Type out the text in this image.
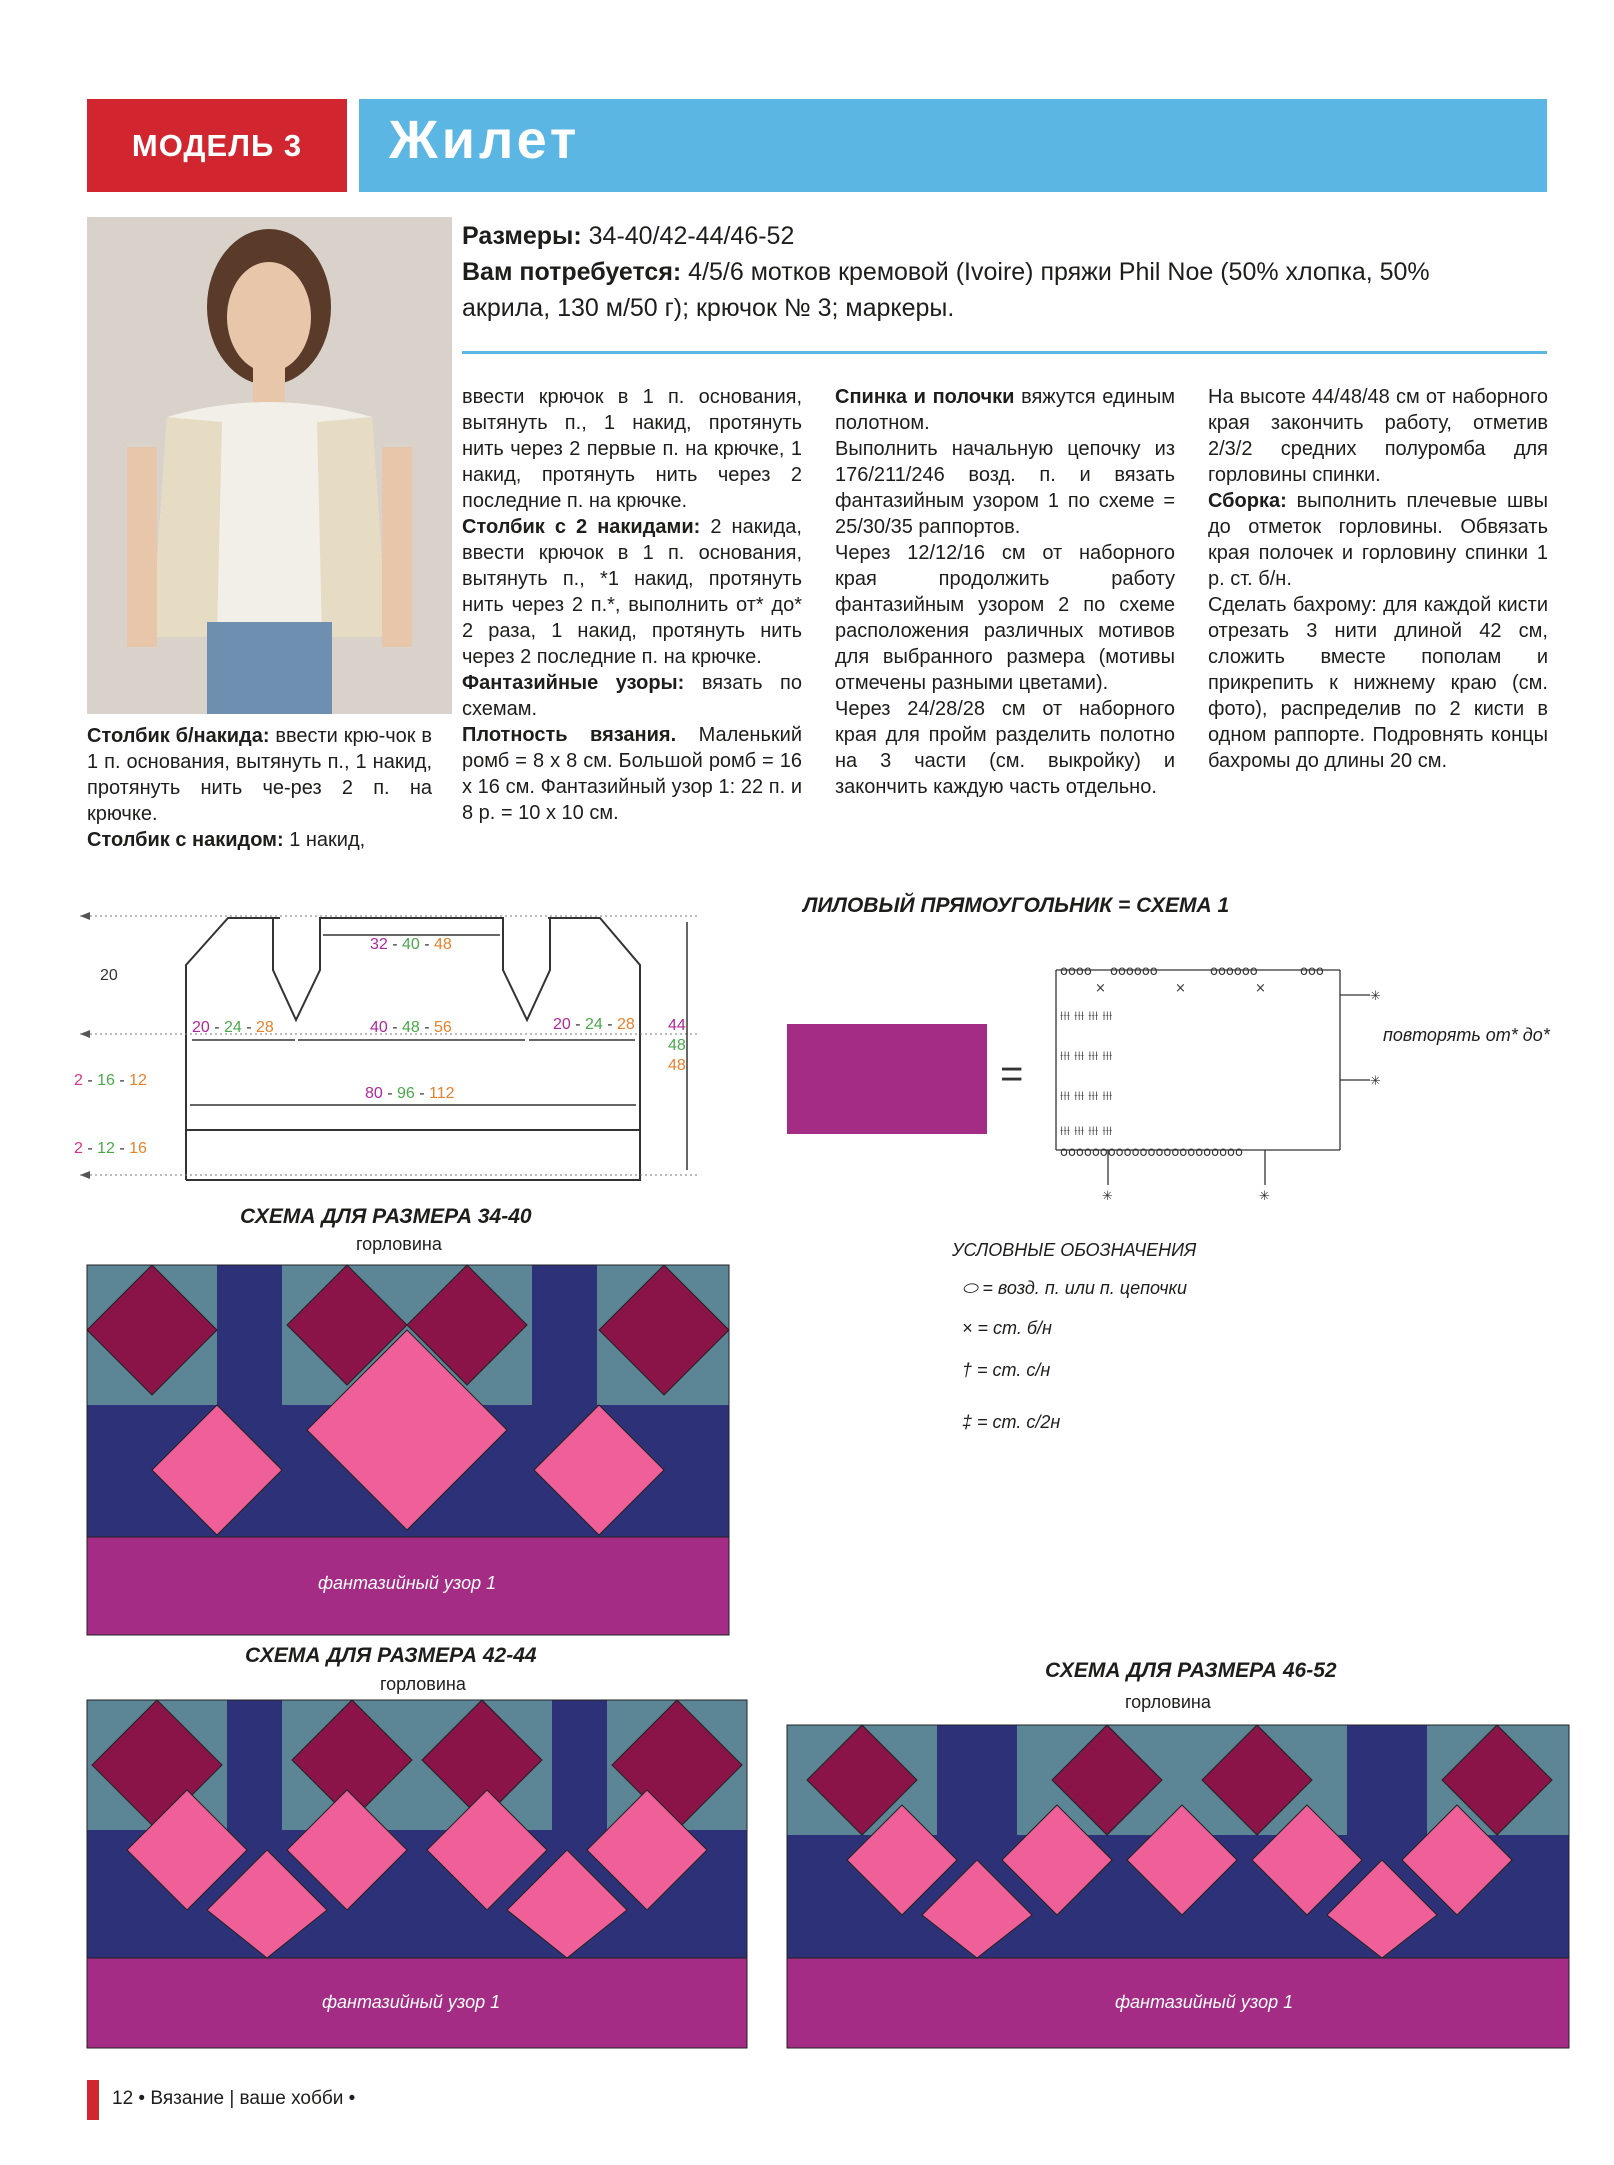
МОДЕЛЬ 3 Жилет
Размеры: 34-40/42-44/46-52
Вам потребуется: 4/5/6 мотков кремовой (Ivoire) пряжи Phil Noe (50% хлопка, 50%
акрила, 130 м/50 г); крючок № 3; маркеры.

Столбик б/накида: ввести крю-чок в 1 п. основания, вытянуть п., 1 накид, протянуть нить че-рез 2 п. на крючке.

Столбик с накидом: 1 накид,

ввести крючок в 1 п. основания, вытянуть п., 1 накид, протянуть нить через 2 первые п. на крючке, 1 накид, протянуть нить через 2 последние п. на крючке.

Столбик с 2 накидами: 2 накида, ввести крючок в 1 п. основания, вытянуть п., *1 накид, протянуть нить через 2 п.*, выполнить от* до* 2 раза, 1 накид, протянуть нить через 2 последние п. на крючке.

Фантазийные узоры: вязать по схемам.

Плотность вязания. Маленький ромб = 8 х 8 см. Большой ромб = 16 х 16 см. Фантазийный узор 1: 22 п. и 8 р. = 10 х 10 см.

Спинка и полочки вяжутся единым полотном.

Выполнить начальную цепочку из 176/211/246 возд. п. и вязать фантазийным узором 1 по схеме = 25/30/35 раппортов.

Через 12/12/16 см от наборного края продолжить работу фантазийным узором 2 по схеме расположения различных мотивов для выбранного размера (мотивы отмечены разными цветами).

Через 24/28/28 см от наборного края для пройм разделить полотно на 3 части (см. выкройку) и закончить каждую часть отдельно.

На высоте 44/48/48 см от наборного края закончить работу, отметив 2/3/2 средних полуромба для горловины спинки.

Сборка: выполнить плечевые швы до отметок горловины. Обвязать края полочек и горловину спинки 1 р. ст. б/н.

Сделать бахрому: для каждой кисти отрезать 3 нити длиной 42 см, сложить вместе пополам и прикрепить к нижнему краю (см. фото), распределив по 2 кисти в одном раппорте. Подровнять концы бахромы до длины 20 см.

20
2 - 16 - 12
2 - 12 - 16
32 - 40 - 48
20 - 24 - 28	40 - 48 - 56	20 - 24 - 28
80 - 96 - 112
44
48
48
ЛИЛОВЫЙ ПРЯМОУГОЛЬНИК = СХЕМА 1
=
oooo oooooo	oooooo	ooo
×	×	×
⟊⟊⟊ ⟊⟊⟊ ⟊⟊⟊ ⟊⟊⟊
⟊⟊⟊ ⟊⟊⟊ ⟊⟊⟊ ⟊⟊⟊
⟊⟊⟊ ⟊⟊⟊ ⟊⟊⟊ ⟊⟊⟊
⟊⟊⟊ ⟊⟊⟊ ⟊⟊⟊ ⟊⟊⟊
ooooooooooooooooooooooo
✳
✳
✳	✳
повторять от* до*
УСЛОВНЫЕ ОБОЗНАЧЕНИЯ
⬭ = возд. п. или п. цепочки
× = ст. б/н
† = ст. с/н
‡ = ст. с/2н
СХЕМА ДЛЯ РАЗМЕРА 34-40
горловина
СХЕМА ДЛЯ РАЗМЕРА 42-44
горловина
СХЕМА ДЛЯ РАЗМЕРА 46-52
горловина
фантазийный узор 1
фантазийный узор 1	фантазийный узор 1
12 • Вязание | ваше хобби •
